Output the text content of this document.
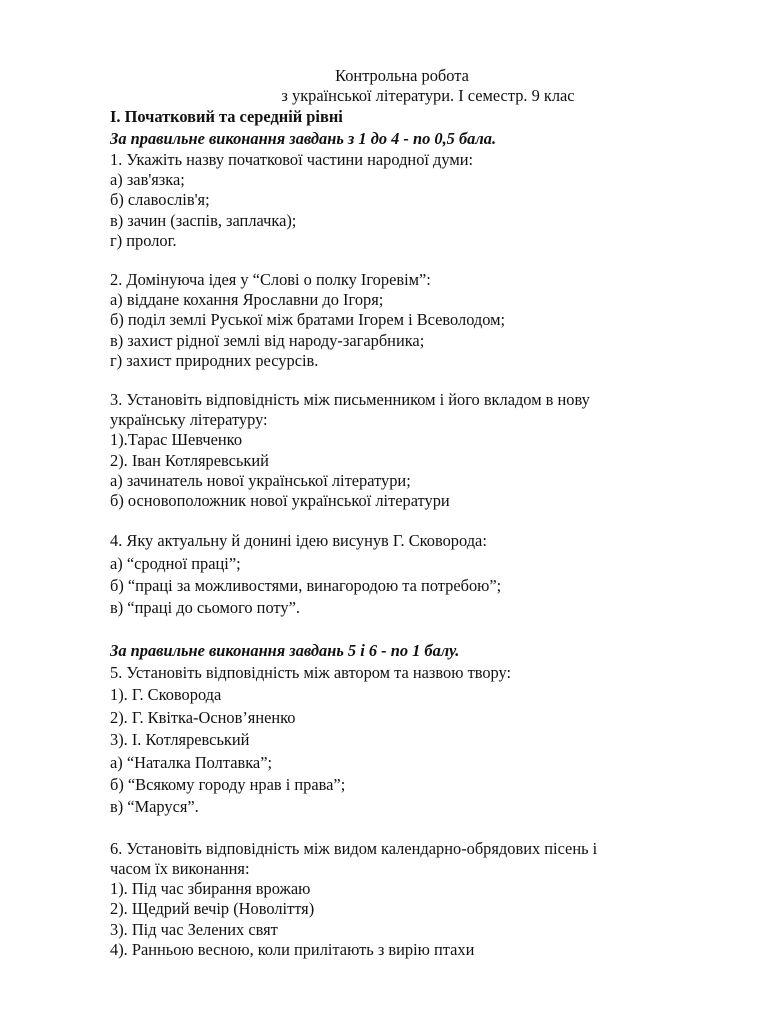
Контрольна робота
з української літератури. I семестр. 9 клас
I. Початковий та середній рівні
За правильне виконання завдань з 1 до 4 - по 0,5 бала.
1. Укажіть назву початкової частини народної думи:
а) зав'язка;
б) славослів'я;
в) зачин (заспів, заплачка);
г) пролог.
2. Домінуюча ідея у “Слові о полку Ігоревім”:
а) віддане кохання Ярославни до Ігоря;
б) поділ землі Руської між братами Ігорем і Всеволодом;
в) захист рідної землі від народу-загарбника;
г) захист природних ресурсів.
3. Установіть відповідність між письменником і його вкладом в нову
українську літературу:
1).Тарас Шевченко
2). Іван Котляревський
а) зачинатель нової української літератури;
б) основоположник нової української літератури
4. Яку актуальну й донині ідею висунув Г. Сковорода:
а) “сродної праці”;
б) “праці за можливостями, винагородою та потребою”;
в) “праці до сьомого поту”.
За правильне виконання завдань 5 і 6 - по 1 балу.
5. Установіть відповідність між автором та назвою твору:
1). Г. Сковорода
2). Г. Квітка-Основ’яненко
3). І. Котляревський
а) “Наталка Полтавка”;
б) “Всякому городу нрав і права”;
в) “Маруся”.
6. Установіть відповідність між видом календарно-обрядових пісень і
часом їх виконання:
1). Під час збирання врожаю
2). Щедрий вечір (Новоліття)
3). Під час Зелених свят
4). Ранньою весною, коли прилітають з вирію птахи
